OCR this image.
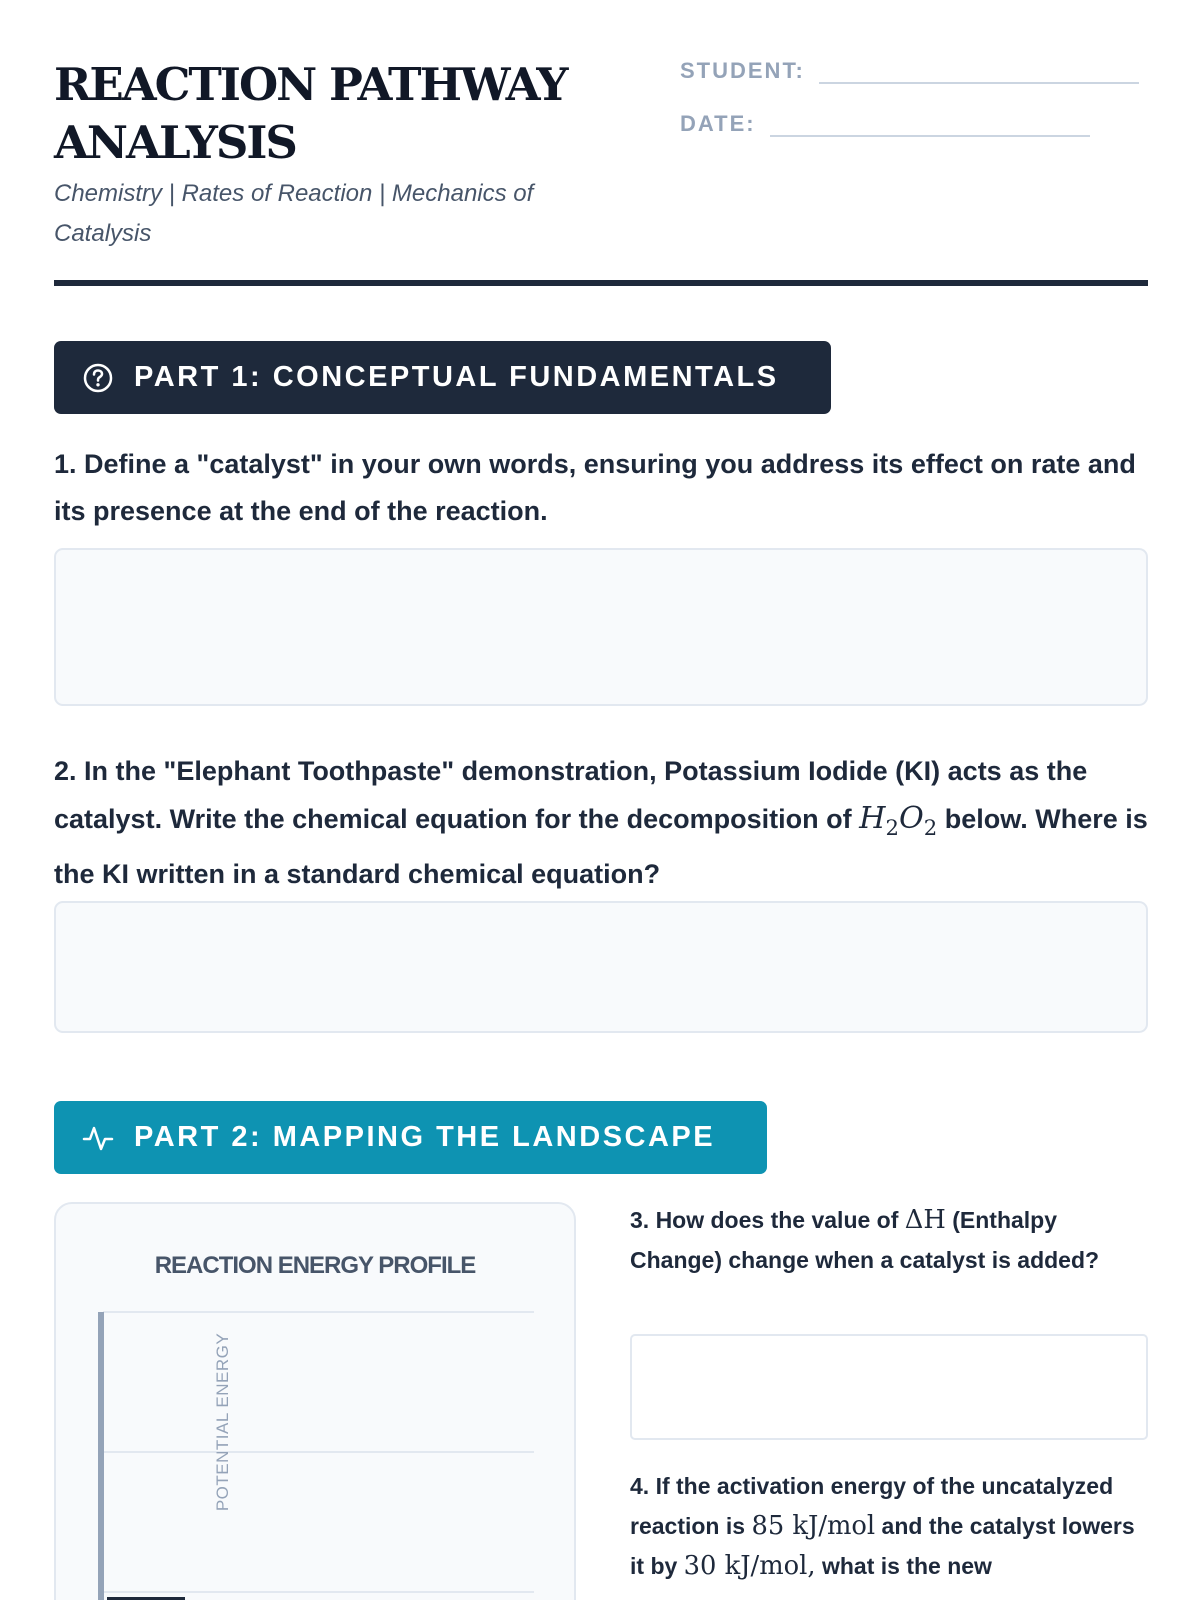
REACTION PATHWAY ANALYSIS
Chemistry | Rates of Reaction | Mechanics of Catalysis
STUDENT:
DATE:
PART 1: CONCEPTUAL FUNDAMENTALS
1. Define a "catalyst" in your own words, ensuring you address its effect on rate and its presence at the end of the reaction.
2. In the "Elephant Toothpaste" demonstration, Potassium Iodide (KI) acts as the catalyst. Write the chemical equation for the decomposition of $H_2O_2$ below. Where is the KI written in a standard chemical equation?
PART 2: MAPPING THE LANDSCAPE
REACTION ENERGY PROFILE
POTENTIAL ENERGY
3. How does the value of ΔH (Enthalpy Change) change when a catalyst is added?
4. If the activation energy of the uncatalyzed reaction is 85 kJ/mol and the catalyst lowers it by 30 kJ/mol, what is the new
